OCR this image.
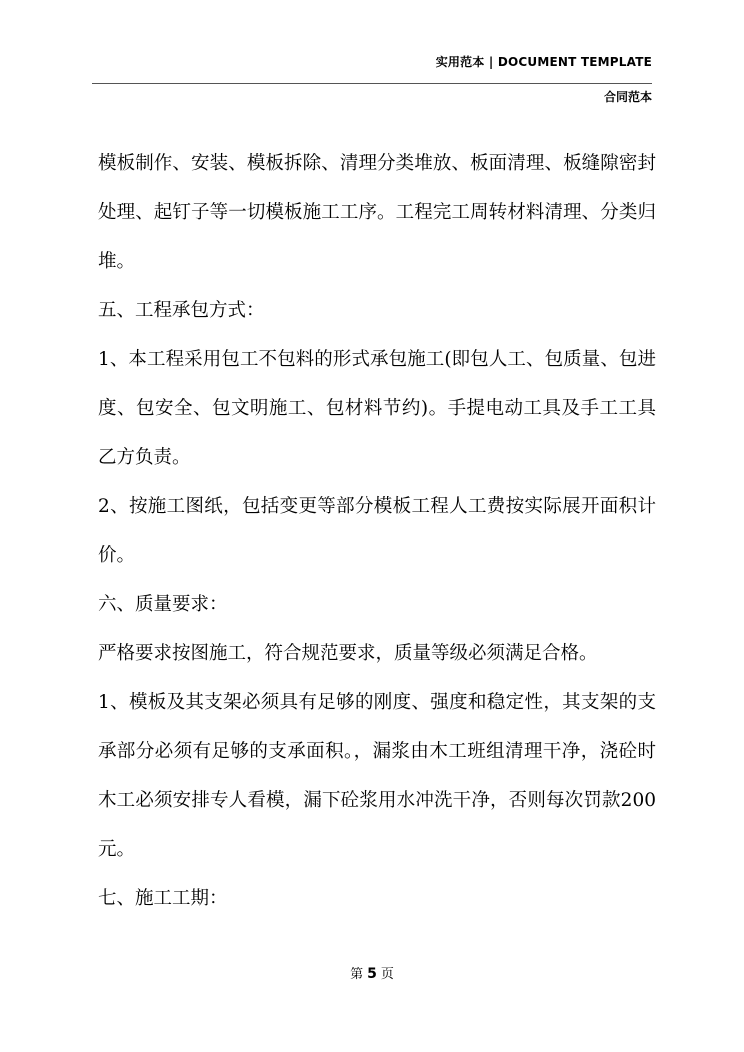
实用范本 | DOCUMENT TEMPLATE
合同范本

模板制作、安装、模板拆除、清理分类堆放、板面清理、板缝隙密封处理、起钉子等一切模板施工工序。工程完工周转材料清理、分类归堆。

五、工程承包方式：

1、本工程采用包工不包料的形式承包施工(即包人工、包质量、包进度、包安全、包文明施工、包材料节约)。手提电动工具及手工工具乙方负责。

2、按施工图纸，包括变更等部分模板工程人工费按实际展开面积计价。

六、质量要求：

严格要求按图施工，符合规范要求，质量等级必须满足合格。

1、模板及其支架必须具有足够的刚度、强度和稳定性，其支架的支承部分必须有足够的支承面积。，漏浆由木工班组清理干净，浇砼时木工必须安排专人看模，漏下砼浆用水冲洗干净，否则每次罚款200元。

七、施工工期：

第 5 页
